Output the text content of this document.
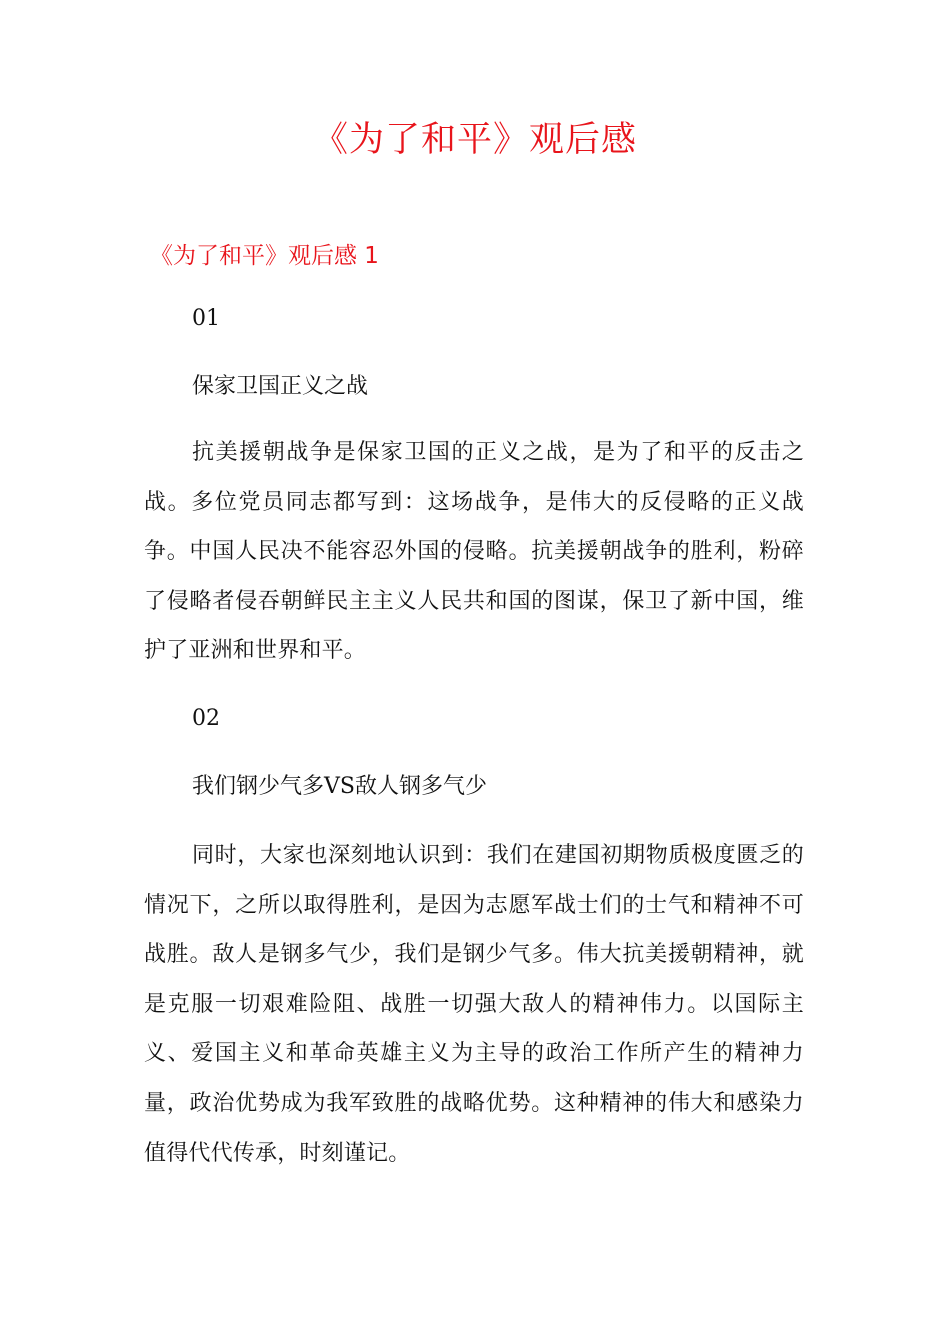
《为了和平》观后感
《为了和平》观后感 1

01

保家卫国正义之战

抗美援朝战争是保家卫国的正义之战，是为了和平的反击之战。多位党员同志都写到：这场战争，是伟大的反侵略的正义战争。中国人民决不能容忍外国的侵略。抗美援朝战争的胜利，粉碎了侵略者侵吞朝鲜民主主义人民共和国的图谋，保卫了新中国，维护了亚洲和世界和平。

02

我们钢少气多VS敌人钢多气少

同时，大家也深刻地认识到：我们在建国初期物质极度匮乏的情况下，之所以取得胜利，是因为志愿军战士们的士气和精神不可战胜。敌人是钢多气少，我们是钢少气多。伟大抗美援朝精神，就是克服一切艰难险阻、战胜一切强大敌人的精神伟力。以国际主义、爱国主义和革命英雄主义为主导的政治工作所产生的精神力量，政治优势成为我军致胜的战略优势。这种精神的伟大和感染力值得代代传承，时刻谨记。
